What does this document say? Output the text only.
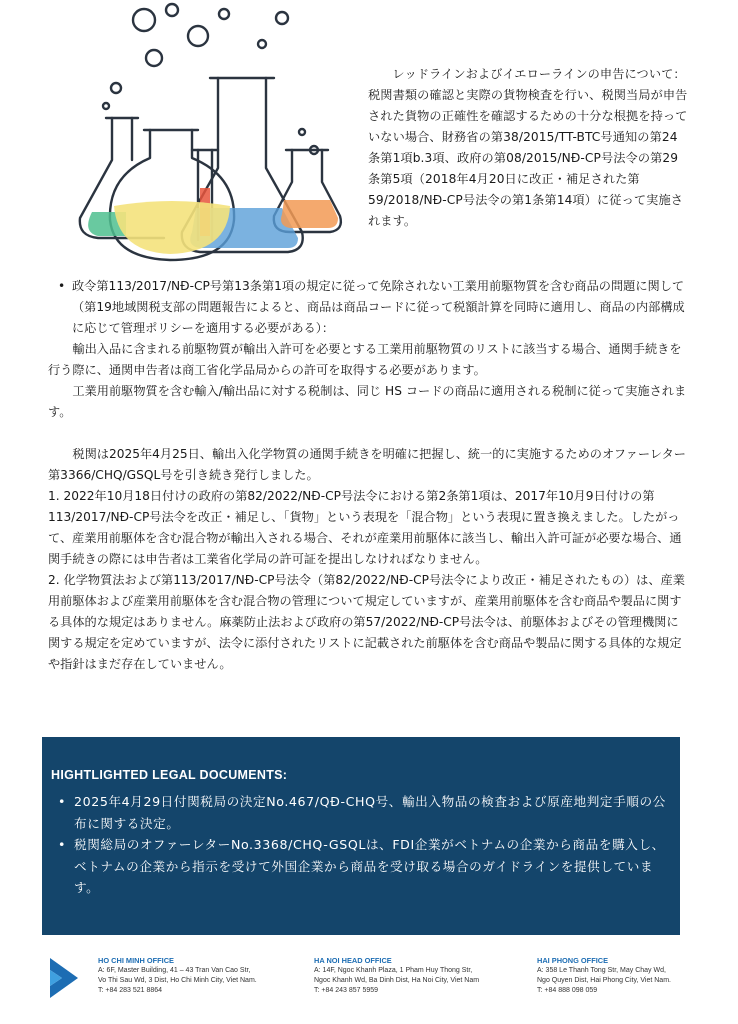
レッドラインおよびイエローラインの申告について：税関書類の確認と実際の貨物検査を行い、税関当局が申告された貨物の正確性を確認するための十分な根拠を持っていない場合、財務省の第38/2015/TT-BTC号通知の第24条第1項b.3項、政府の第08/2015/NĐ-CP号法令の第29条第5項（2018年4月20日に改正・補足された第59/2018/NĐ-CP号法令の第1条第14項）に従って実施されます。

• 政令第113/2017/NĐ-CP号第13条第1項の規定に従って免除されない工業用前駆物質を含む商品の問題に関して（第19地域関税支部の問題報告によると、商品は商品コードに従って税額計算を同時に適用し、商品の内部構成に応じて管理ポリシーを適用する必要がある）：

輸出入品に含まれる前駆物質が輸出入許可を必要とする工業用前駆物質のリストに該当する場合、通関手続きを行う際に、通関申告者は商工省化学品局からの許可を取得する必要があります。

工業用前駆物質を含む輸入/輸出品に対する税制は、同じ HS コードの商品に適用される税制に従って実施されます。

税関は2025年4月25日、輸出入化学物質の通関手続きを明確に把握し、統一的に実施するためのオファーレター第3366/CHQ/GSQL号を引き続き発行しました。

1. 2022年10月18日付けの政府の第82/2022/NĐ-CP号法令における第2条第1項は、2017年10月9日付けの第113/2017/NĐ-CP号法令を改正・補足し、「貨物」という表現を「混合物」という表現に置き換えました。したがって、産業用前駆体を含む混合物が輸出入される場合、それが産業用前駆体に該当し、輸出入許可証が必要な場合、通関手続きの際には申告者は工業省化学局の許可証を提出しなければなりません。

2. 化学物質法および第113/2017/NĐ-CP号法令（第82/2022/NĐ-CP号法令により改正・補足されたもの）は、産業用前駆体および産業用前駆体を含む混合物の管理について規定していますが、産業用前駆体を含む商品や製品に関する具体的な規定はありません。麻薬防止法および政府の第57/2022/NĐ-CP号法令は、前駆体およびその管理機関に関する規定を定めていますが、法令に添付されたリストに記載された前駆体を含む商品や製品に関する具体的な規定や指針はまだ存在していません。

HIGHTLIGHTED LEGAL DOCUMENTS:

• 2025年4月29日付関税局の決定No.467/QĐ-CHQ号、輸出入物品の検査および原産地判定手順の公布に関する決定。
• 税関総局のオファーレターNo.3368/CHQ-GSQLは、FDI企業がベトナムの企業から商品を購入し、ベトナムの企業から指示を受けて外国企業から商品を受け取る場合のガイドラインを提供しています。
HO CHI MINH OFFICE
A: 6F, Master Building, 41 – 43 Tran Van Cao Str,
Vo Thi Sau Wd, 3 Dist, Ho Chi Minh City, Viet Nam.
T: +84 283 521 8864
HA NOI HEAD OFFICE
A: 14F, Ngoc Khanh Plaza, 1 Pham Huy Thong Str,
Ngoc Khanh Wd, Ba Dinh Dist, Ha Noi City, Viet Nam
T: +84 243 857 5959
HAI PHONG OFFICE
A: 358 Le Thanh Tong Str, May Chay Wd,
Ngo Quyen Dist, Hai Phong City, Viet Nam.
T: +84 888 098 059
